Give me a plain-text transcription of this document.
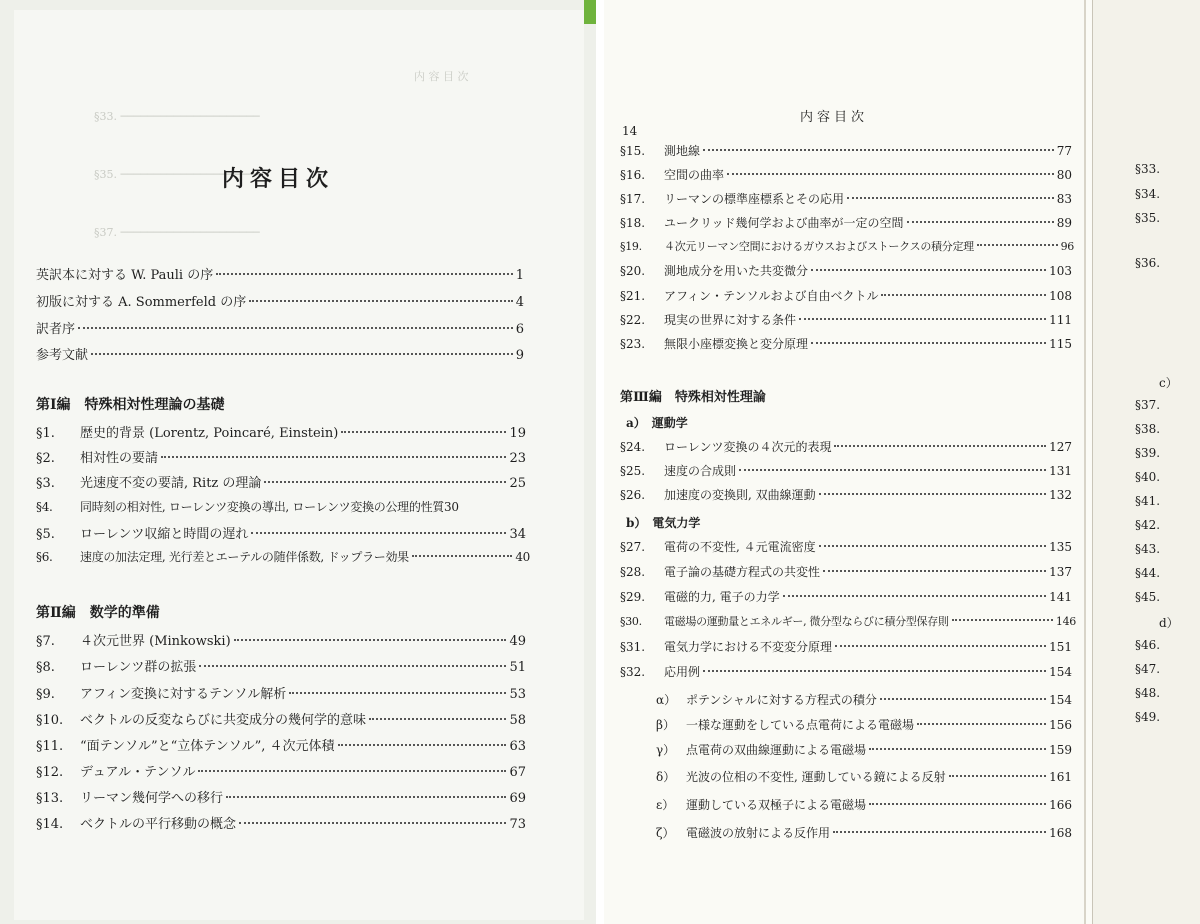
内 容 目 次
§33. ─────────────────────
§35. ─────────────────────
§37. ─────────────────────
内容目次
英訳本に対する W. Pauli の序	1
初版に対する A. Sommerfeld の序	4
訳者序	6
参考文献	9
第Ⅰ編　特殊相対性理論の基礎
§1.	歴史的背景 (Lorentz, Poincaré, Einstein)	19
§2.	相対性の要請	23
§3.	光速度不変の要請, Ritz の理論	25
§4.	同時刻の相対性, ローレンツ変換の導出, ローレンツ変換の公理的性質 30
§5.	ローレンツ収縮と時間の遅れ	34
§6.	速度の加法定理, 光行差とエーテルの随伴係数, ドップラー効果	40
第Ⅱ編　数学的準備
§7.	４次元世界 (Minkowski)	49
§8.	ローレンツ群の拡張	51
§9.	アフィン変換に対するテンソル解析	53
§10.	ベクトルの反変ならびに共変成分の幾何学的意味	58
§11.	“面テンソル”と“立体テンソル”, ４次元体積	63
§12.	デュアル・テンソル	67
§13.	リーマン幾何学への移行	69
§14.	ベクトルの平行移動の概念	73
内容目次
14
§15.	測地線	77
§16.	空間の曲率	80
§17.	リーマンの標準座標系とその応用	83
§18.	ユークリッド幾何学および曲率が一定の空間	89
§19.	４次元リーマン空間におけるガウスおよびストークスの積分定理	96
§20.	測地成分を用いた共変微分	103
§21.	アフィン・テンソルおよび自由ベクトル	108
§22.	現実の世界に対する条件	111
§23.	無限小座標変換と変分原理	115
第Ⅲ編　特殊相対性理論
a）　運動学
§24.	ローレンツ変換の４次元的表現	127
§25.	速度の合成則	131
§26.	加速度の変換則, 双曲線運動	132
b）　電気力学
§27.	電荷の不変性, ４元電流密度	135
§28.	電子論の基礎方程式の共変性	137
§29.	電磁的力, 電子の力学	141
§30.	電磁場の運動量とエネルギー, 微分型ならびに積分型保存則	146
§31.	電気力学における不変変分原理	151
§32.	応用例	154
α） ポテンシャルに対する方程式の積分	154
β） 一様な運動をしている点電荷による電磁場	156
γ） 点電荷の双曲線運動による電磁場	159
δ） 光波の位相の不変性, 運動している鏡による反射	161
ε） 運動している双極子による電磁場	166
ζ） 電磁波の放射による反作用	168
§33.
§34.
§35.
§36.
c）
§37.
§38.
§39.
§40.
§41.
§42.
§43.
§44.
§45.
d）
§46.
§47.
§48.
§49.
